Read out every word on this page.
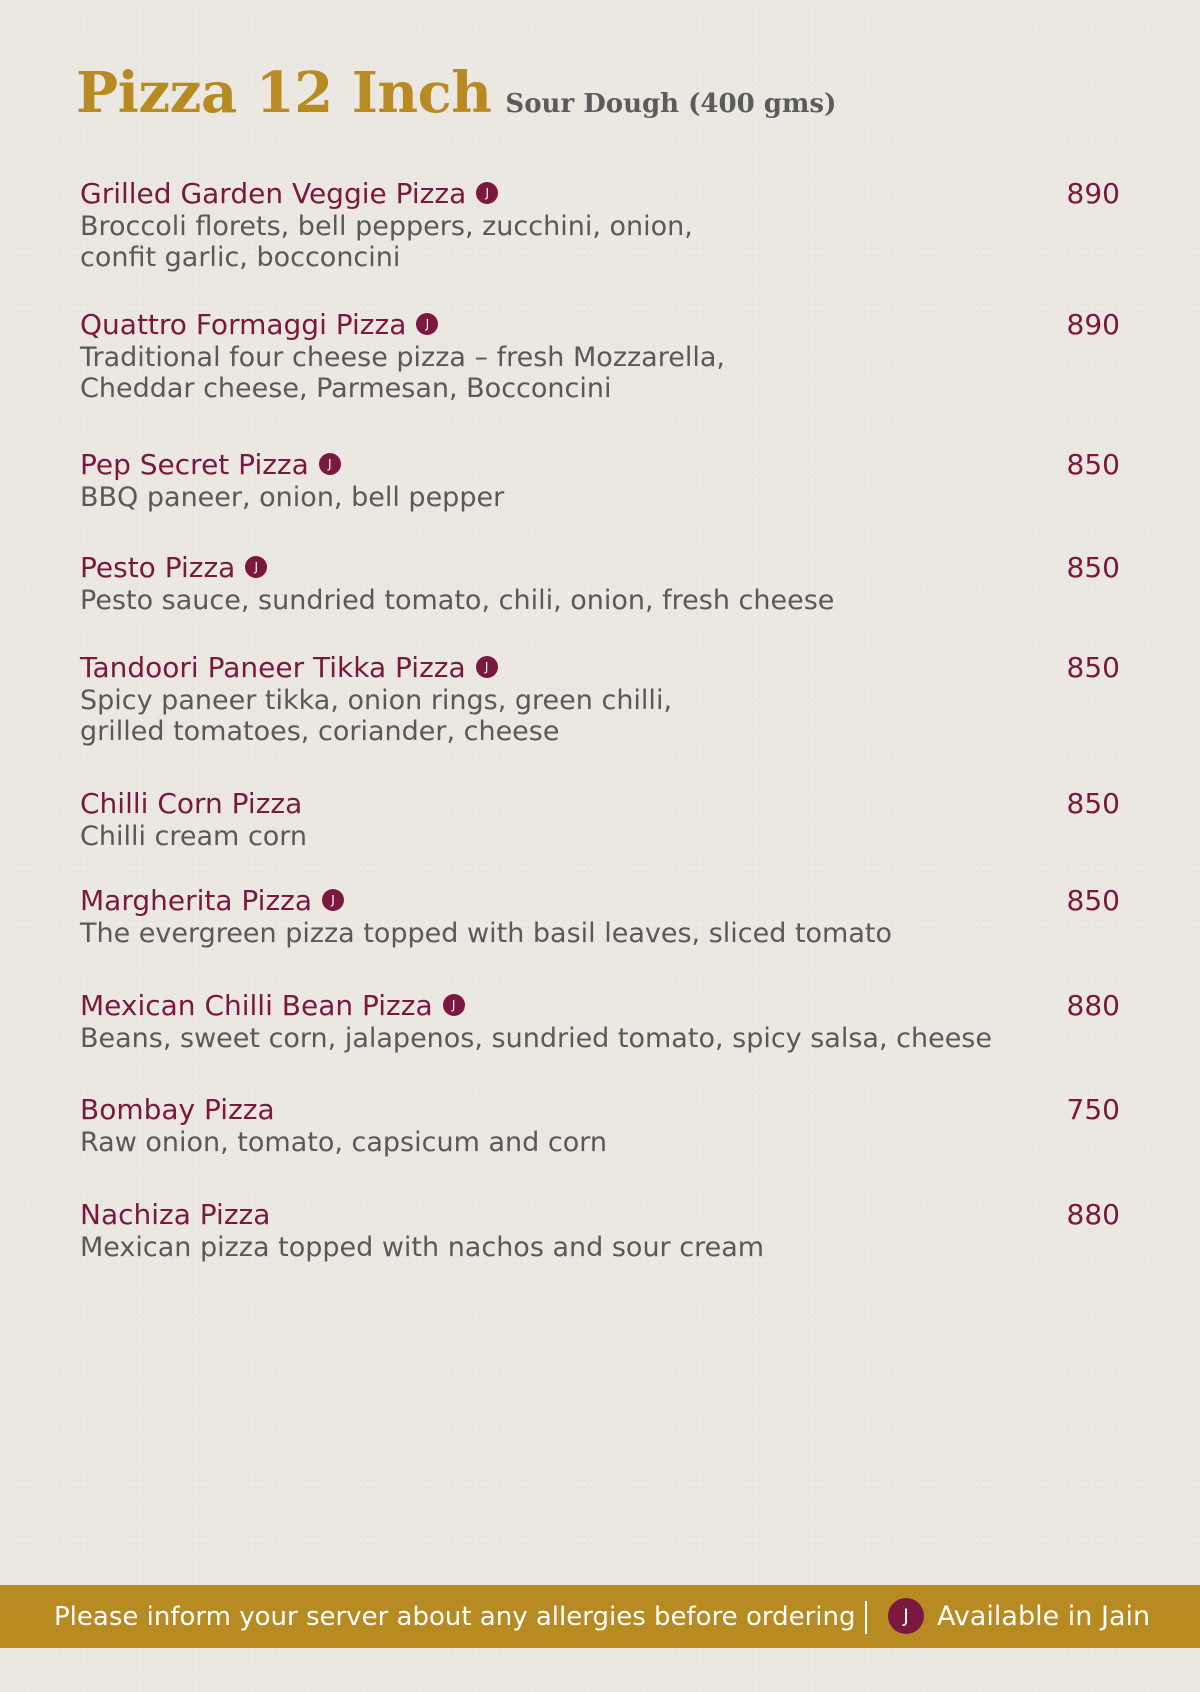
Pizza 12 Inch Sour Dough (400 gms)
Grilled Garden Veggie Pizza	J	890
Broccoli florets, bell peppers, zucchini, onion,
confit garlic, bocconcini
Quattro Formaggi Pizza	J	890
Traditional four cheese pizza – fresh Mozzarella,
Cheddar cheese, Parmesan, Bocconcini
Pep Secret Pizza	J	850
BBQ paneer, onion, bell pepper
Pesto Pizza	J	850
Pesto sauce, sundried tomato, chili, onion, fresh cheese
Tandoori Paneer Tikka Pizza	J	850
Spicy paneer tikka, onion rings, green chilli,
grilled tomatoes, coriander, cheese
Chilli Corn Pizza	850
Chilli cream corn
Margherita Pizza	J	850
The evergreen pizza topped with basil leaves, sliced tomato
Mexican Chilli Bean Pizza	J	880
Beans, sweet corn, jalapenos, sundried tomato, spicy salsa, cheese
Bombay Pizza	750
Raw onion, tomato, capsicum and corn
Nachiza Pizza	880
Mexican pizza topped with nachos and sour cream
Please inform your server about any allergies before ordering	J	Available in Jain
